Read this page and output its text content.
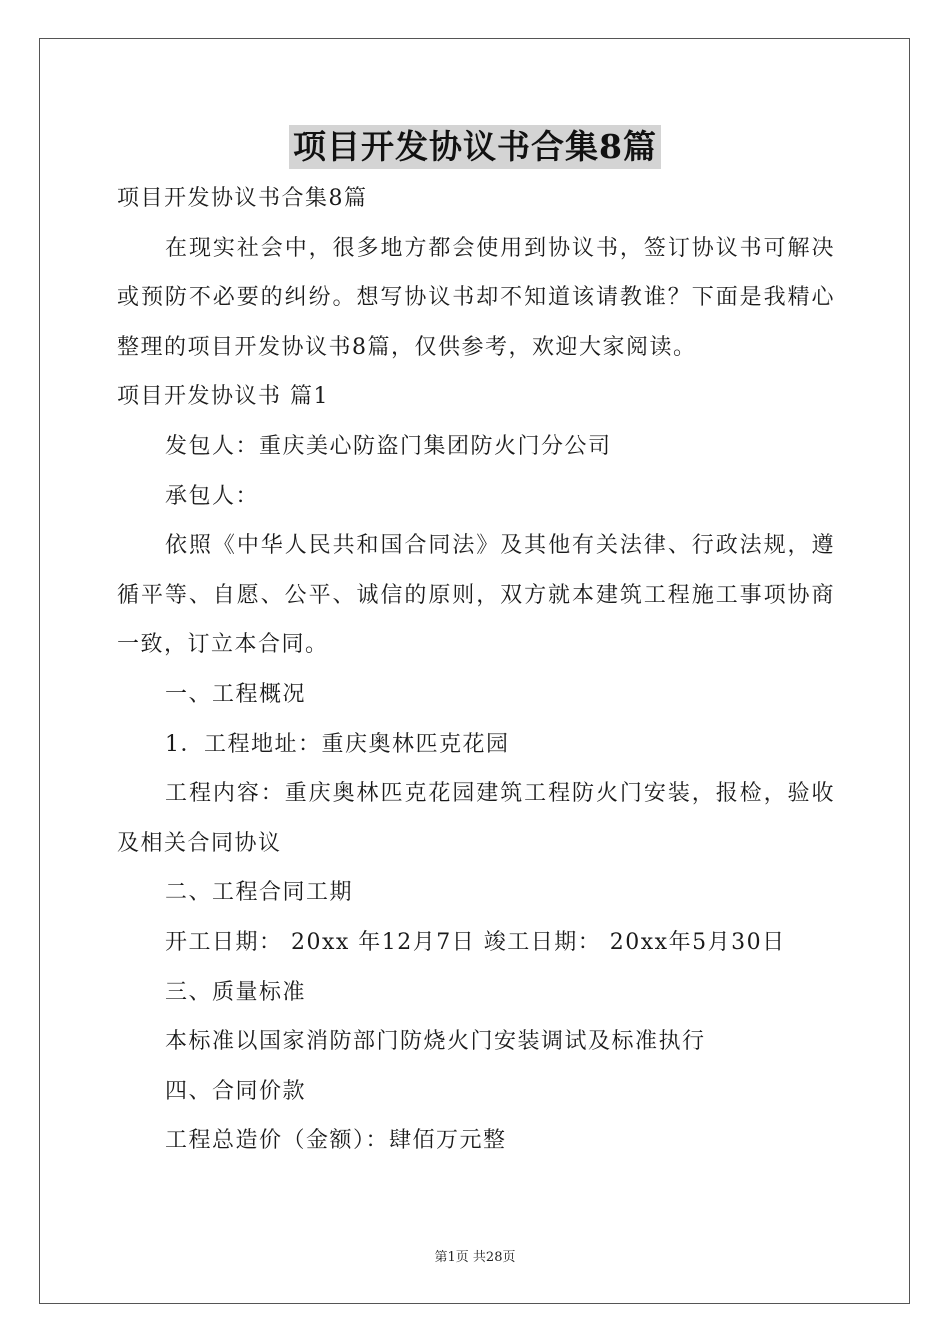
项目开发协议书合集8篇

项目开发协议书合集8篇

在现实社会中，很多地方都会使用到协议书，签订协议书可解决或预防不必要的纠纷。想写协议书却不知道该请教谁？下面是我精心整理的项目开发协议书8篇，仅供参考，欢迎大家阅读。

项目开发协议书 篇1

发包人：重庆美心防盗门集团防火门分公司

承包人：

依照《中华人民共和国合同法》及其他有关法律、行政法规，遵循平等、自愿、公平、诚信的原则，双方就本建筑工程施工事项协商一致，订立本合同。

一、工程概况

1．工程地址：重庆奥林匹克花园

工程内容：重庆奥林匹克花园建筑工程防火门安装，报检，验收及相关合同协议

二、工程合同工期

开工日期： 20xx 年12月7日 竣工日期： 20xx年5月30日

三、质量标准

本标准以国家消防部门防烧火门安装调试及标准执行

四、合同价款

工程总造价（金额）：肆佰万元整

第1页 共28页
